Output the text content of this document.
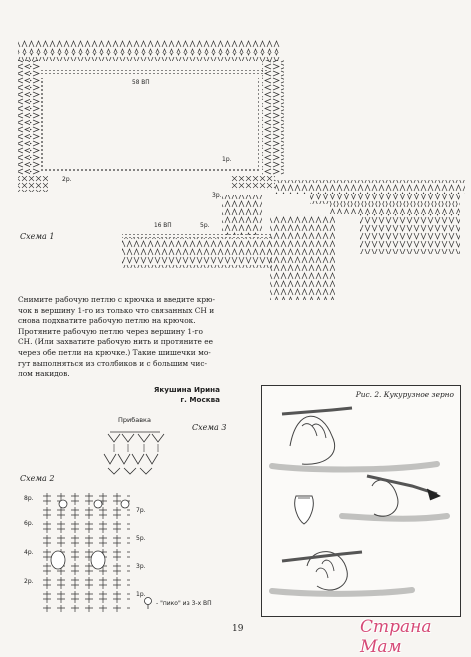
58 ВП
1р.
2р.
3р.
5р.
16 ВП
Схема 1
Снимите рабочую петлю с крючка и введите крю-
чок в вершину 1-го из только что связанных СН и
снова подхватите рабочую петлю на крючок.
Протяните рабочую петлю через вершину 1-го
СН. (Или захватите рабочую нить и протяните ее
через обе петли на крючке.) Такие шишечки мо-
гут выполняться из столбиков и с большим чис-
лом накидов.
Якушина Ирина
г. Москва
Прибавка
Схема 3
Схема 2
8р.
6р.
4р.
2р.
7р.
5р.
3р.
1р.
- "пико" из 3-х ВП
Рис. 2. Кукурузное зерно
19	Страна Мам
